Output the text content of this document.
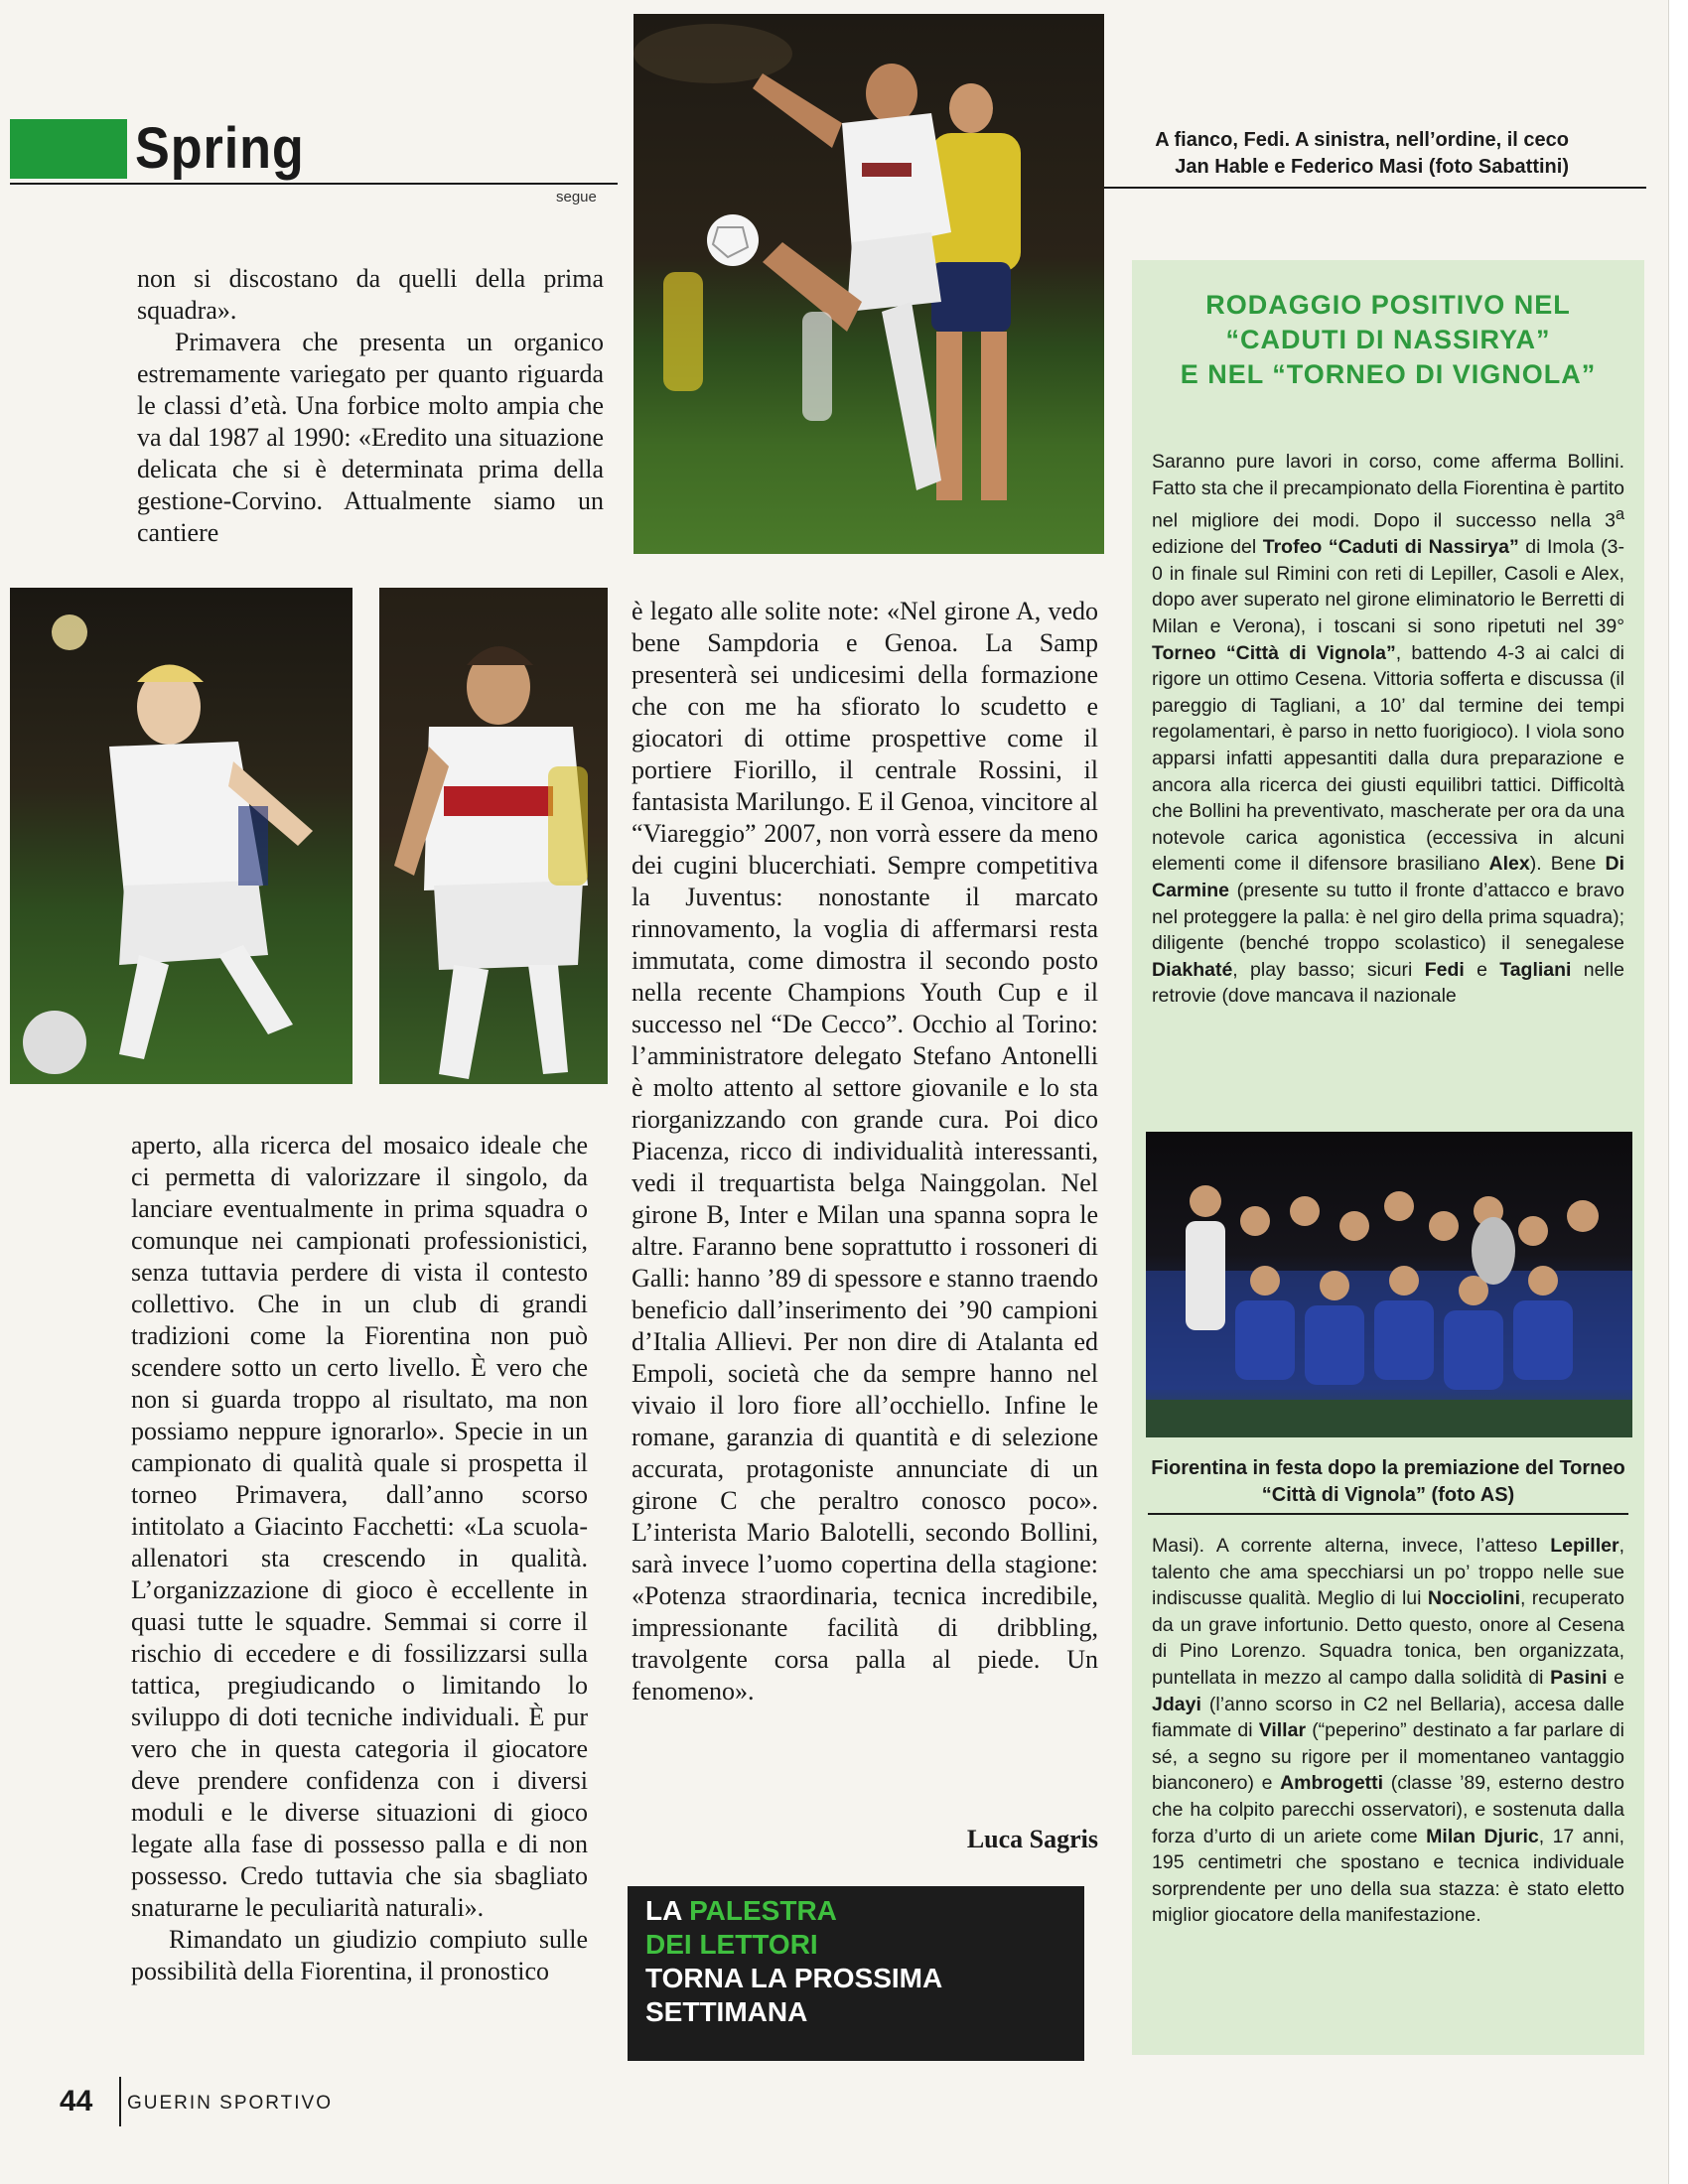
Spring
segue
A fianco, Fedi. A sinistra, nell’ordine, il ceco Jan Hable e Federico Masi (foto Sabattini)

non si discostano da quelli della prima squadra».

Primavera che presenta un organico estremamente variegato per quanto riguarda le classi d’età. Una forbice molto ampia che va dal 1987 al 1990: «Eredito una situazione delicata che si è determinata prima della gestione-Corvino. Attualmente siamo un cantiere

aperto, alla ricerca del mosaico ideale che ci permetta di valorizzare il singolo, da lanciare eventualmente in prima squadra o comunque nei campionati professionistici, senza tuttavia perdere di vista il contesto collettivo. Che in un club di grandi tradizioni come la Fiorentina non può scendere sotto un certo livello. È vero che non si guarda troppo al risultato, ma non possiamo neppure ignorarlo». Specie in un campionato di qualità quale si prospetta il torneo Primavera, dall’anno scorso intitolato a Giacinto Facchetti: «La scuola-allenatori sta crescendo in qualità. L’organizzazione di gioco è eccellente in quasi tutte le squadre. Semmai si corre il rischio di eccedere e di fossilizzarsi sulla tattica, pregiudicando o limitando lo sviluppo di doti tecniche individuali. È pur vero che in questa categoria il giocatore deve prendere confidenza con i diversi moduli e le diverse situazioni di gioco legate alla fase di possesso palla e di non possesso. Credo tuttavia che sia sbagliato snaturarne le peculiarità naturali».

Rimandato un giudizio compiuto sulle possibilità della Fiorentina, il pronostico

è legato alle solite note: «Nel girone A, vedo bene Sampdoria e Genoa. La Samp presenterà sei undicesimi della formazione che con me ha sfiorato lo scudetto e giocatori di ottime prospettive come il portiere Fiorillo, il centrale Rossini, il fantasista Marilungo. E il Genoa, vincitore al “Viareggio” 2007, non vorrà essere da meno dei cugini blucerchiati. Sempre competitiva la Juventus: nonostante il marcato rinnovamento, la voglia di affermarsi resta immutata, come dimostra il secondo posto nella recente Champions Youth Cup e il successo nel “De Cecco”. Occhio al Torino: l’amministratore delegato Stefano Antonelli è molto attento al settore giovanile e lo sta riorganizzando con grande cura. Poi dico Piacenza, ricco di individualità interessanti, vedi il trequartista belga Nainggolan. Nel girone B, Inter e Milan una spanna sopra le altre. Faranno bene soprattutto i rossoneri di Galli: hanno ’89 di spessore e stanno traendo beneficio dall’inserimento dei ’90 campioni d’Italia Allievi. Per non dire di Atalanta ed Empoli, società che da sempre hanno nel vivaio il loro fiore all’occhiello. Infine le romane, garanzia di quantità e di selezione accurata, protagoniste annunciate di un girone C che peraltro conosco poco». L’interista Mario Balotelli, secondo Bollini, sarà invece l’uomo copertina della stagione: «Potenza straordinaria, tecnica incredibile, impressionante facilità di dribbling, travolgente corsa palla al piede. Un fenomeno».

Luca Sagris
RODAGGIO POSITIVO NEL
“CADUTI DI NASSIRYA”
E NEL “TORNEO DI VIGNOLA”
Saranno pure lavori in corso, come afferma Bollini. Fatto sta che il precampionato della Fiorentina è partito nel migliore dei modi. Dopo il successo nella 3$^a$ edizione del Trofeo “Caduti di Nassirya” di Imola (3-0 in finale sul Rimini con reti di Lepiller, Casoli e Alex, dopo aver superato nel girone eliminatorio le Berretti di Milan e Verona), i toscani si sono ripetuti nel 39° Torneo “Città di Vignola”, battendo 4-3 ai calci di rigore un ottimo Cesena. Vittoria sofferta e discussa (il pareggio di Tagliani, a 10’ dal termine dei tempi regolamentari, è parso in netto fuorigioco). I viola sono apparsi infatti appesantiti dalla dura preparazione e ancora alla ricerca dei giusti equilibri tattici. Difficoltà che Bollini ha preventivato, mascherate per ora da una notevole carica agonistica (eccessiva in alcuni elementi come il difensore brasiliano Alex). Bene Di Carmine (presente su tutto il fronte d’attacco e bravo nel proteggere la palla: è nel giro della prima squadra); diligente (benché troppo scolastico) il senegalese Diakhaté, play basso; sicuri Fedi e Tagliani nelle retrovie (dove mancava il nazionale
Fiorentina in festa dopo la premiazione del Torneo “Città di Vignola” (foto AS)
Masi). A corrente alterna, invece, l’atteso Lepiller, talento che ama specchiarsi un po’ troppo nelle sue indiscusse qualità. Meglio di lui Nocciolini, recuperato da un grave infortunio. Detto questo, onore al Cesena di Pino Lorenzo. Squadra tonica, ben organizzata, puntellata in mezzo al campo dalla solidità di Pasini e Jdayi (l’anno scorso in C2 nel Bellaria), accesa dalle fiammate di Villar (“peperino” destinato a far parlare di sé, a segno su rigore per il momentaneo vantaggio bianconero) e Ambrogetti (classe ’89, esterno destro che ha colpito parecchi osservatori), e sostenuta dalla forza d’urto di un ariete come Milan Djuric, 17 anni, 195 centimetri che spostano e tecnica individuale sorprendente per uno della sua stazza: è stato eletto miglior giocatore della manifestazione.
LA PALESTRA
DEI LETTORI
TORNA LA PROSSIMA
SETTIMANA
44 GUERIN SPORTIVO
